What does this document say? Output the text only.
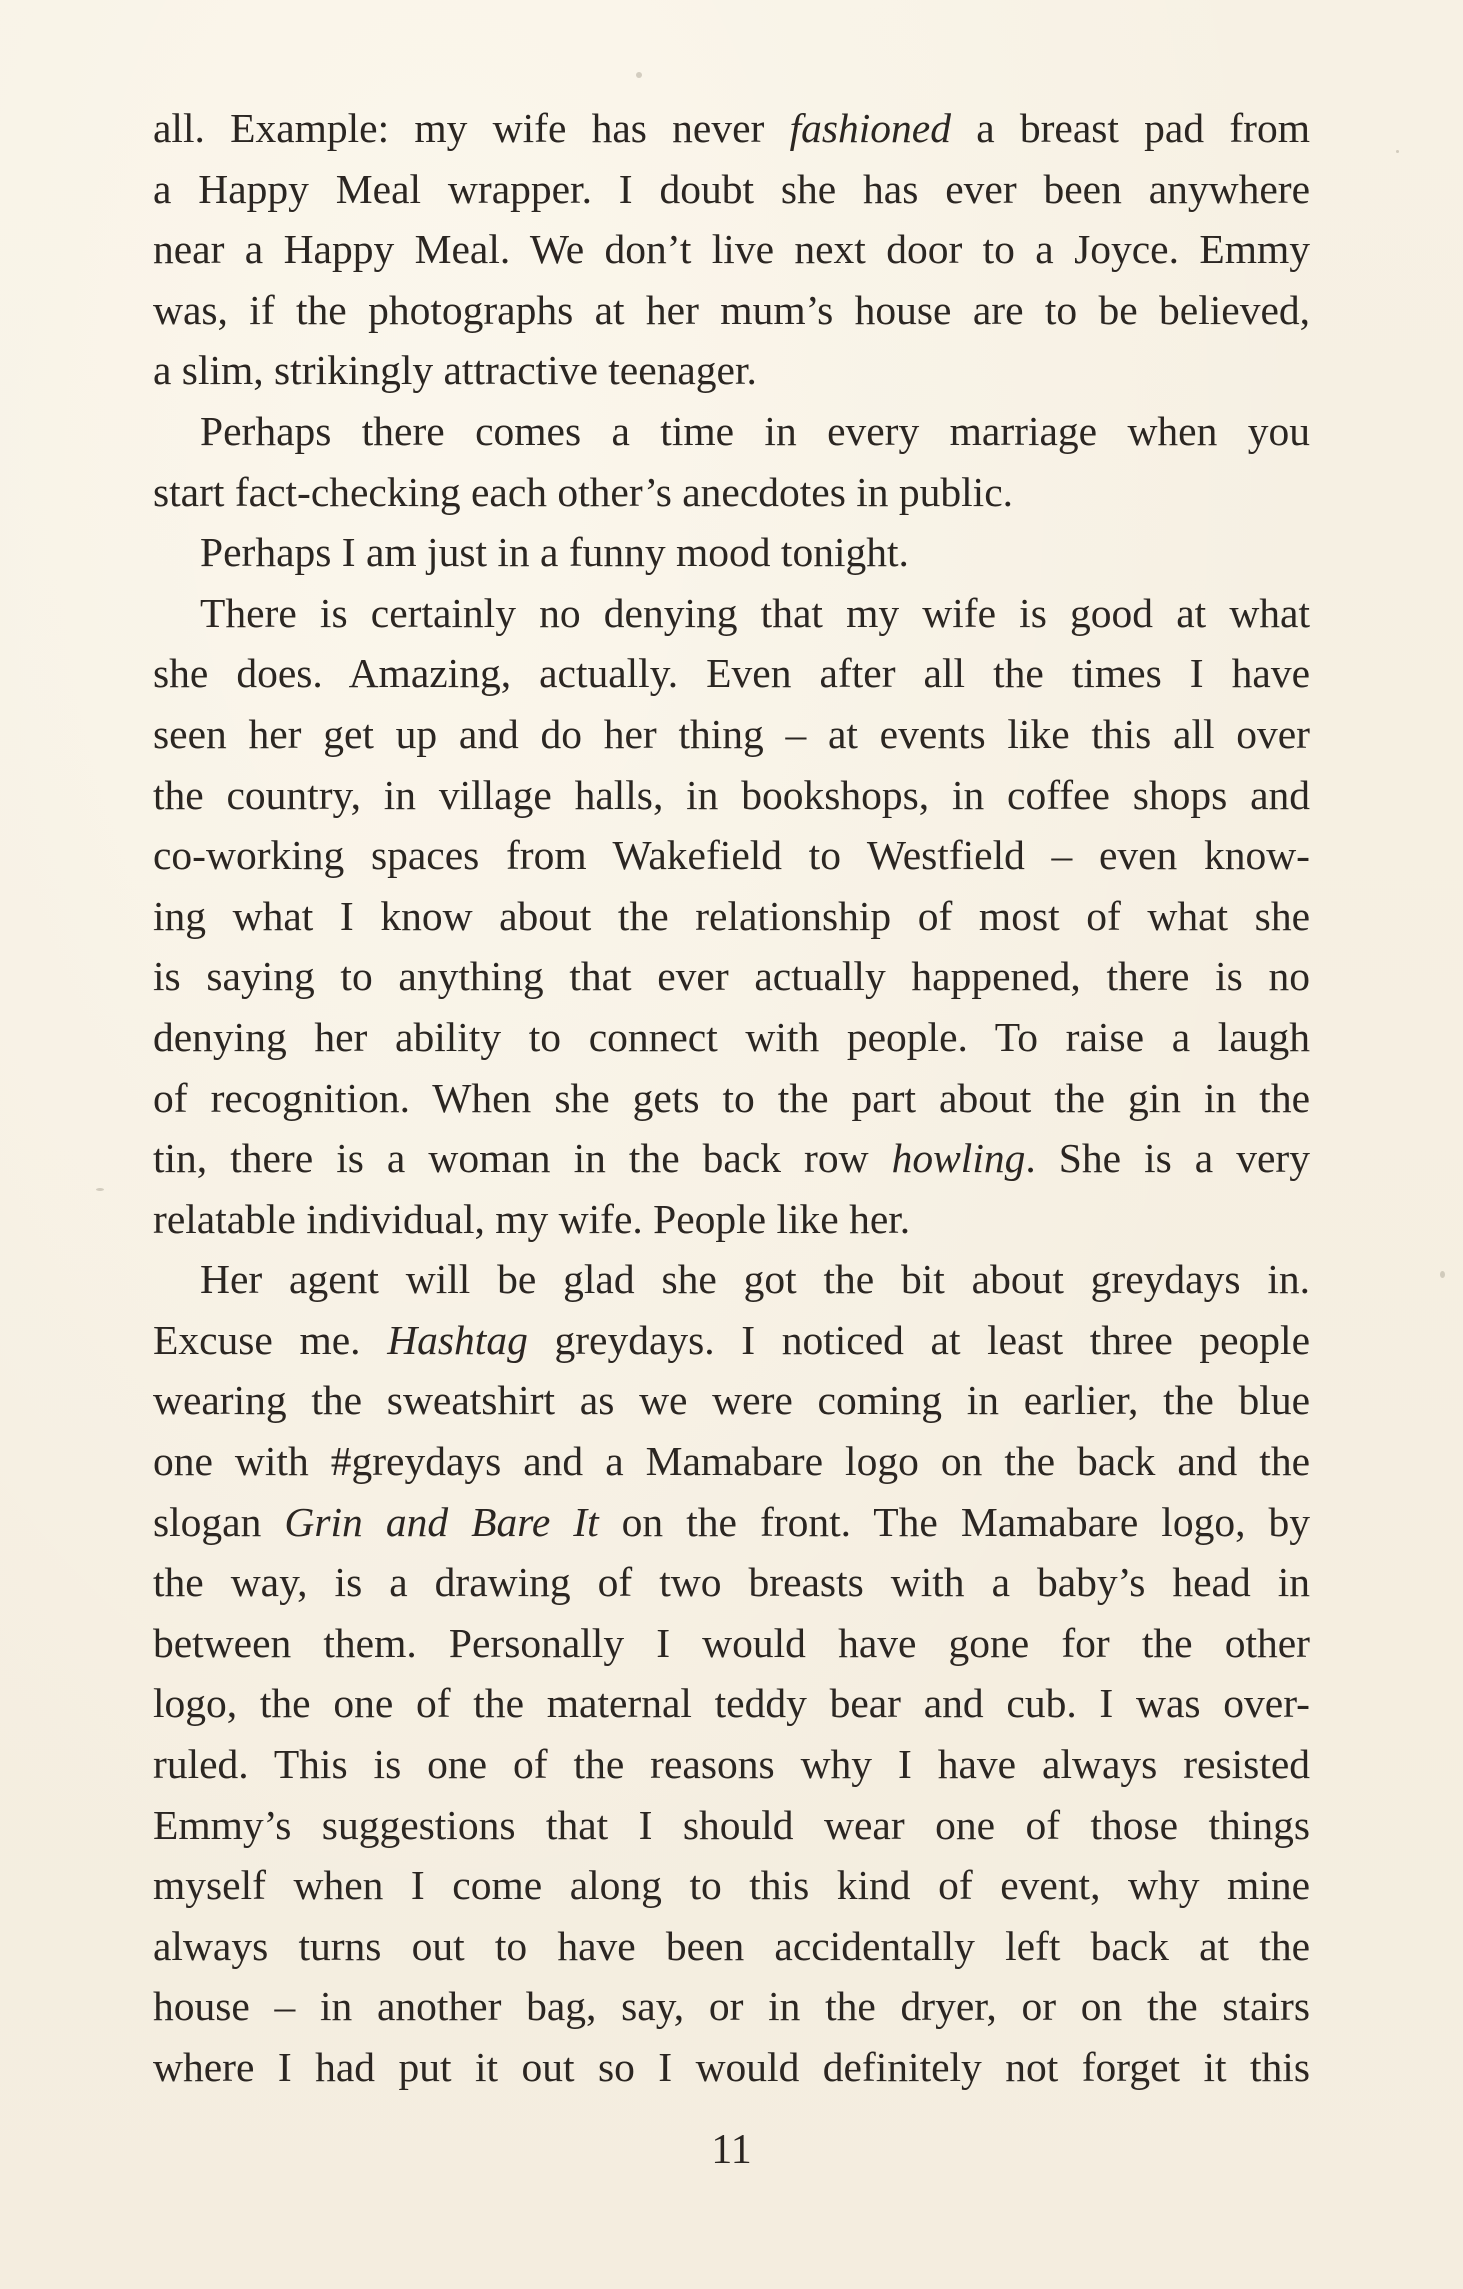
all. Example: my wife has never fashioned a breast pad from
a Happy Meal wrapper. I doubt she has ever been anywhere
near a Happy Meal. We don’t live next door to a Joyce. Emmy
was, if the photographs at her mum’s house are to be believed,
a slim, strikingly attractive teenager.
Perhaps there comes a time in every marriage when you
start fact-checking each other’s anecdotes in public.
Perhaps I am just in a funny mood tonight.
There is certainly no denying that my wife is good at what
she does. Amazing, actually. Even after all the times I have
seen her get up and do her thing – at events like this all over
the country, in village halls, in bookshops, in coffee shops and
co-working spaces from Wakefield to Westfield – even know-
ing what I know about the relationship of most of what she
is saying to anything that ever actually happened, there is no
denying her ability to connect with people. To raise a laugh
of recognition. When she gets to the part about the gin in the
tin, there is a woman in the back row howling. She is a very
relatable individual, my wife. People like her.
Her agent will be glad she got the bit about greydays in.
Excuse me. Hashtag greydays. I noticed at least three people
wearing the sweatshirt as we were coming in earlier, the blue
one with #greydays and a Mamabare logo on the back and the
slogan Grin and Bare It on the front. The Mamabare logo, by
the way, is a drawing of two breasts with a baby’s head in
between them. Personally I would have gone for the other
logo, the one of the maternal teddy bear and cub. I was over-
ruled. This is one of the reasons why I have always resisted
Emmy’s suggestions that I should wear one of those things
myself when I come along to this kind of event, why mine
always turns out to have been accidentally left back at the
house – in another bag, say, or in the dryer, or on the stairs
where I had put it out so I would definitely not forget it this
11
